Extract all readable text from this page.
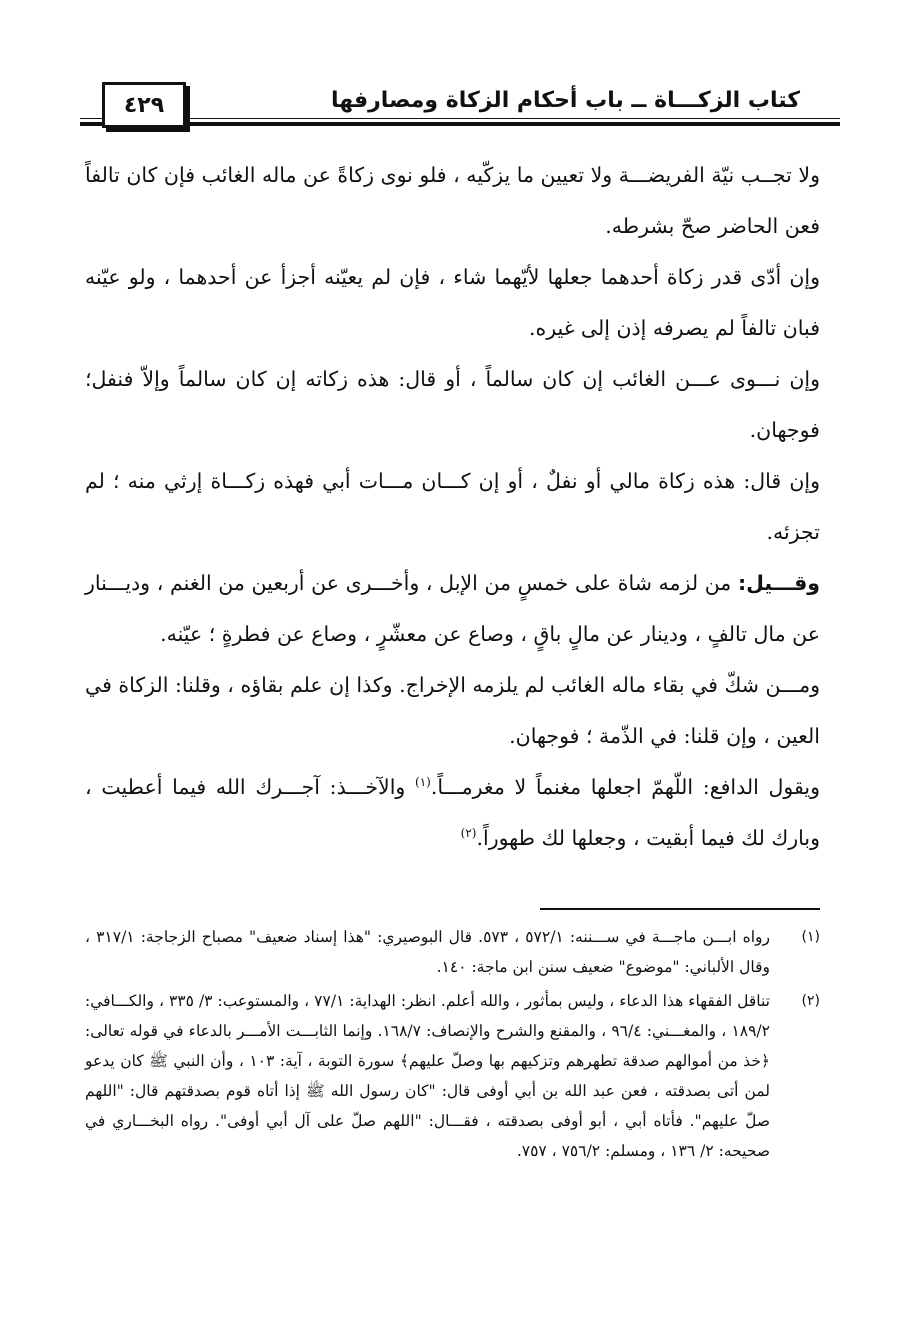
٤٢٩	كتاب الزكـــاة ــ باب أحكام الزكاة ومصارفها

ولا تجــب نيّة الفريضـــة ولا تعيين ما يزكّيه ، فلو نوى زكاةً عن ماله الغائب فإن كان تالفاً فعن الحاضر صحّ بشرطه.

وإن أدّى قدر زكاة أحدهما جعلها لأيّهما شاء ، فإن لم يعيّنه أجزأ عن أحدهما ، ولو عيّنه فبان تالفاً لم يصرفه إذن إلى غيره.

وإن نـــوى عـــن الغائب إن كان سالماً ، أو قال: هذه زكاته إن كان سالماً وإلاّ فنفل؛ فوجهان.

وإن قال: هذه زكاة مالي أو نفلٌ ، أو إن كـــان مـــات أبي فهذه زكـــاة إرثي منه ؛ لم تجزئه.

وقـــيل: من لزمه شاة على خمسٍ من الإبل ، وأخـــرى عن أربعين من الغنم ، وديـــنار عن مال تالفٍ ، ودينار عن مالٍ باقٍ ، وصاع عن معشّرٍ ، وصاع عن فطرةٍ ؛ عيّنه.

ومـــن شكّ في بقاء ماله الغائب لم يلزمه الإخراج. وكذا إن علم بقاؤه ، وقلنا: الزكاة في العين ، وإن قلنا: في الذّمة ؛ فوجهان.

ويقول الدافع: اللّهمّ اجعلها مغنماً لا مغرمـــاً.$^{(١)}$ والآخـــذ: آجـــرك الله فيما أعطيت ، وبارك لك فيما أبقيت ، وجعلها لك طهوراً.$^{(٢)}$

(١)
رواه ابـــن ماجـــة في ســـننه: ٥٧٢/١ ، ٥٧٣. قال البوصيري: "هذا إسناد ضعيف" مصباح الزجاجة: ٣١٧/١ ، وقال الألباني: "موضوع" ضعيف سنن ابن ماجة: ١٤٠.
(٢)
تناقل الفقهاء هذا الدعاء ، وليس بمأثور ، والله أعلم. انظر: الهداية: ٧٧/١ ، والمستوعب: ٣/ ٣٣٥ ، والكـــافي: ١٨٩/٢ ، والمغـــني: ٩٦/٤ ، والمقنع والشرح والإنصاف: ١٦٨/٧. وإنما الثابـــت الأمـــر بالدعاء في قوله تعالى: ﴿خذ من أموالهم صدقة تطهرهم وتزكيهم بها وصلّ عليهم﴾ سورة التوبة ، آية: ١٠٣ ، وأن النبي ﷺ كان يدعو لمن أتى بصدقته ، فعن عبد الله بن أبي أوفى قال: "كان رسول الله ﷺ إذا أتاه قوم بصدقتهم قال: "اللهم صلّ عليهم". فأتاه أبي ، أبو أوفى بصدقته ، فقـــال: "اللهم صلّ على آل أبي أوفى". رواه البخـــاري في صحيحه: ٢/ ١٣٦ ، ومسلم: ٧٥٦/٢ ، ٧٥٧.
